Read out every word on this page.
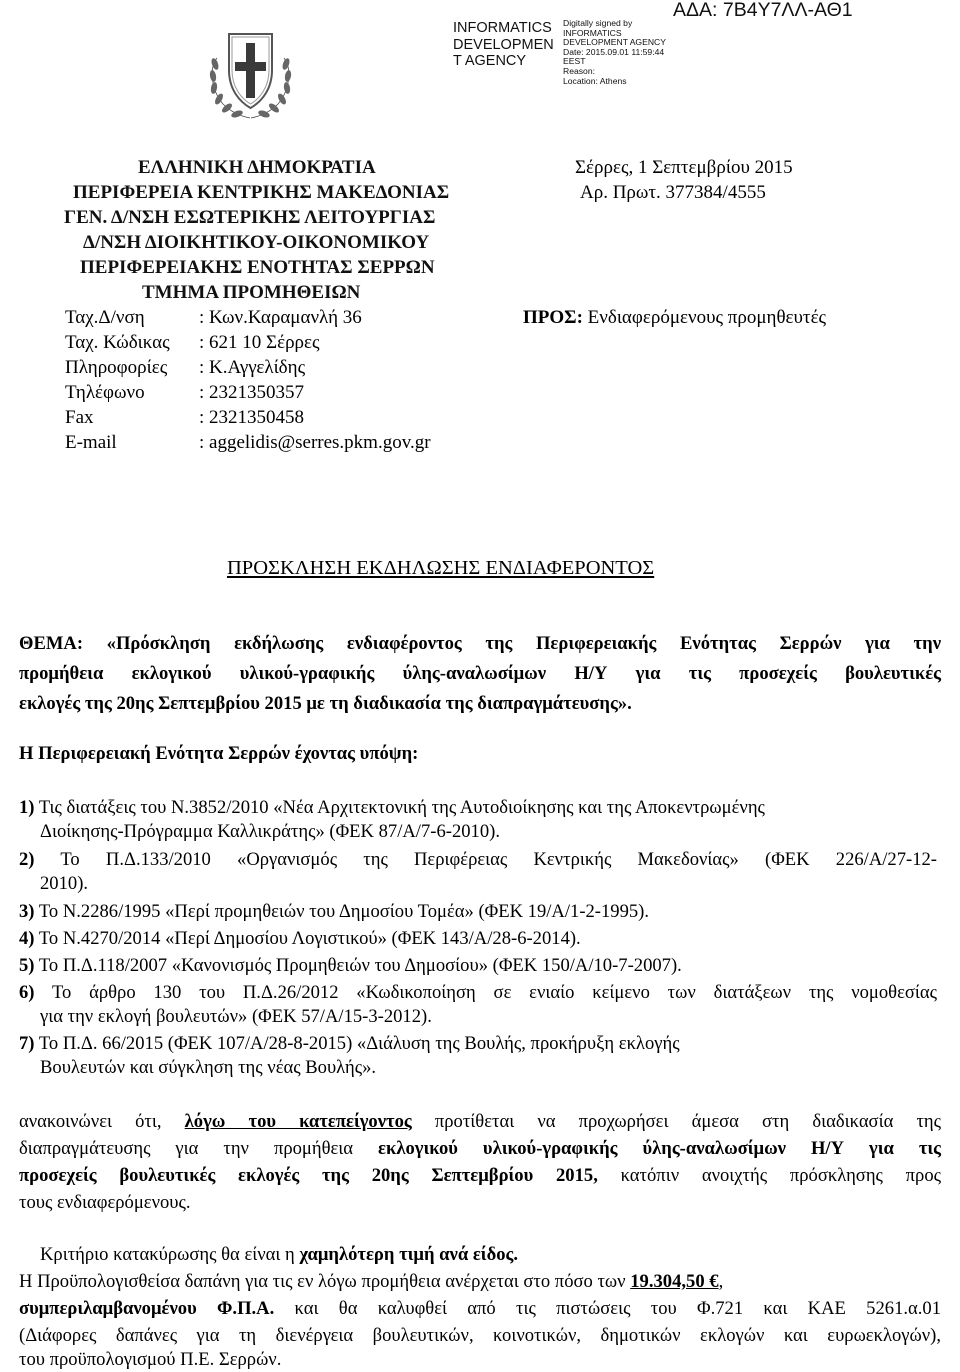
INFORMATICS
DEVELOPMEN
T AGENCY
Digitally signed by
INFORMATICS
DEVELOPMENT AGENCY
Date: 2015.09.01 11:59:44
EEST
Reason:
Location: Athens
ΑΔΑ: 7Β4Υ7ΛΛ-ΑΘ1
ΕΛΛΗΝΙΚΗ ΔΗΜΟΚΡΑΤΙΑ
ΠΕΡΙΦΕΡΕΙΑ ΚΕΝΤΡΙΚΗΣ ΜΑΚΕΔΟΝΙΑΣ
ΓΕΝ. Δ/ΝΣΗ ΕΣΩΤΕΡΙΚΗΣ ΛΕΙΤΟΥΡΓΙΑΣ
Δ/ΝΣΗ ΔΙΟΙΚΗΤΙΚΟΥ-ΟΙΚΟΝΟΜΙΚΟΥ
ΠΕΡΙΦΕΡΕΙΑΚΗΣ ΕΝΟΤΗΤΑΣ ΣΕΡΡΩΝ
ΤΜΗΜΑ ΠΡΟΜΗΘΕΙΩΝ
Σέρρες, 1 Σεπτεμβρίου 2015
Αρ. Πρωτ. 377384/4555
ΠΡΟΣ: Ενδιαφερόμενους προμηθευτές
Ταχ.Δ/νση	: Κων.Καραμανλή 36
Ταχ. Κώδικας : 621 10 Σέρρες
Πληροφορίες : Κ.Αγγελίδης
Τηλέφωνο	: 2321350357
Fax	: 2321350458
E-mail	: aggelidis@serres.pkm.gov.gr
ΠΡΟΣΚΛΗΣΗ ΕΚΔΗΛΩΣΗΣ ΕΝΔΙΑΦΕΡΟΝΤΟΣ
ΘΕΜΑ: «Πρόσκληση εκδήλωσης ενδιαφέροντος της Περιφερειακής Ενότητας Σερρών για την
προμήθεια εκλογικού υλικού-γραφικής ύλης-αναλωσίμων Η/Υ για τις προσεχείς βουλευτικές
εκλογές της 20ης Σεπτεμβρίου 2015 με τη διαδικασία της διαπραγμάτευσης».
Η Περιφερειακή Ενότητα Σερρών έχοντας υπόψη:
1) Τις διατάξεις του Ν.3852/2010 «Νέα Αρχιτεκτονική της Αυτοδιοίκησης και της Αποκεντρωμένης
Διοίκησης-Πρόγραμμα Καλλικράτης» (ΦΕΚ 87/Α/7-6-2010).
2) Το Π.Δ.133/2010 «Οργανισμός της Περιφέρειας Κεντρικής Μακεδονίας» (ΦΕΚ 226/Α/27-12-
2010).
3) Το Ν.2286/1995 «Περί προμηθειών του Δημοσίου Τομέα» (ΦΕΚ 19/Α/1-2-1995).
4) Το Ν.4270/2014 «Περί Δημοσίου Λογιστικού» (ΦΕΚ 143/Α/28-6-2014).
5) Το Π.Δ.118/2007 «Κανονισμός Προμηθειών του Δημοσίου» (ΦΕΚ 150/Α/10-7-2007).
6) Το άρθρο 130 του Π.Δ.26/2012 «Κωδικοποίηση σε ενιαίο κείμενο των διατάξεων της νομοθεσίας
για την εκλογή βουλευτών» (ΦΕΚ 57/Α/15-3-2012).
7) Το Π.Δ. 66/2015 (ΦΕΚ 107/Α/28-8-2015) «Διάλυση της Βουλής, προκήρυξη εκλογής
Βουλευτών και σύγκληση της νέας Βουλής».
ανακοινώνει ότι, λόγω του κατεπείγοντος προτίθεται να προχωρήσει άμεσα στη διαδικασία της
διαπραγμάτευσης για την προμήθεια εκλογικού υλικού-γραφικής ύλης-αναλωσίμων Η/Υ για τις
προσεχείς βουλευτικές εκλογές της 20ης Σεπτεμβρίου 2015, κατόπιν ανοιχτής πρόσκλησης προς
τους ενδιαφερόμενους.
Κριτήριο κατακύρωσης θα είναι η χαμηλότερη τιμή ανά είδος.
Η Προϋπολογισθείσα δαπάνη για τις εν λόγω προμήθεια ανέρχεται στο πόσο των 19.304,50 €,
συμπεριλαμβανομένου Φ.Π.Α. και θα καλυφθεί από τις πιστώσεις του Φ.721 και ΚΑΕ 5261.α.01
(Διάφορες δαπάνες για τη διενέργεια βουλευτικών, κοινοτικών, δημοτικών εκλογών και ευρωεκλογών),
του προϋπολογισμού Π.Ε. Σερρών.
